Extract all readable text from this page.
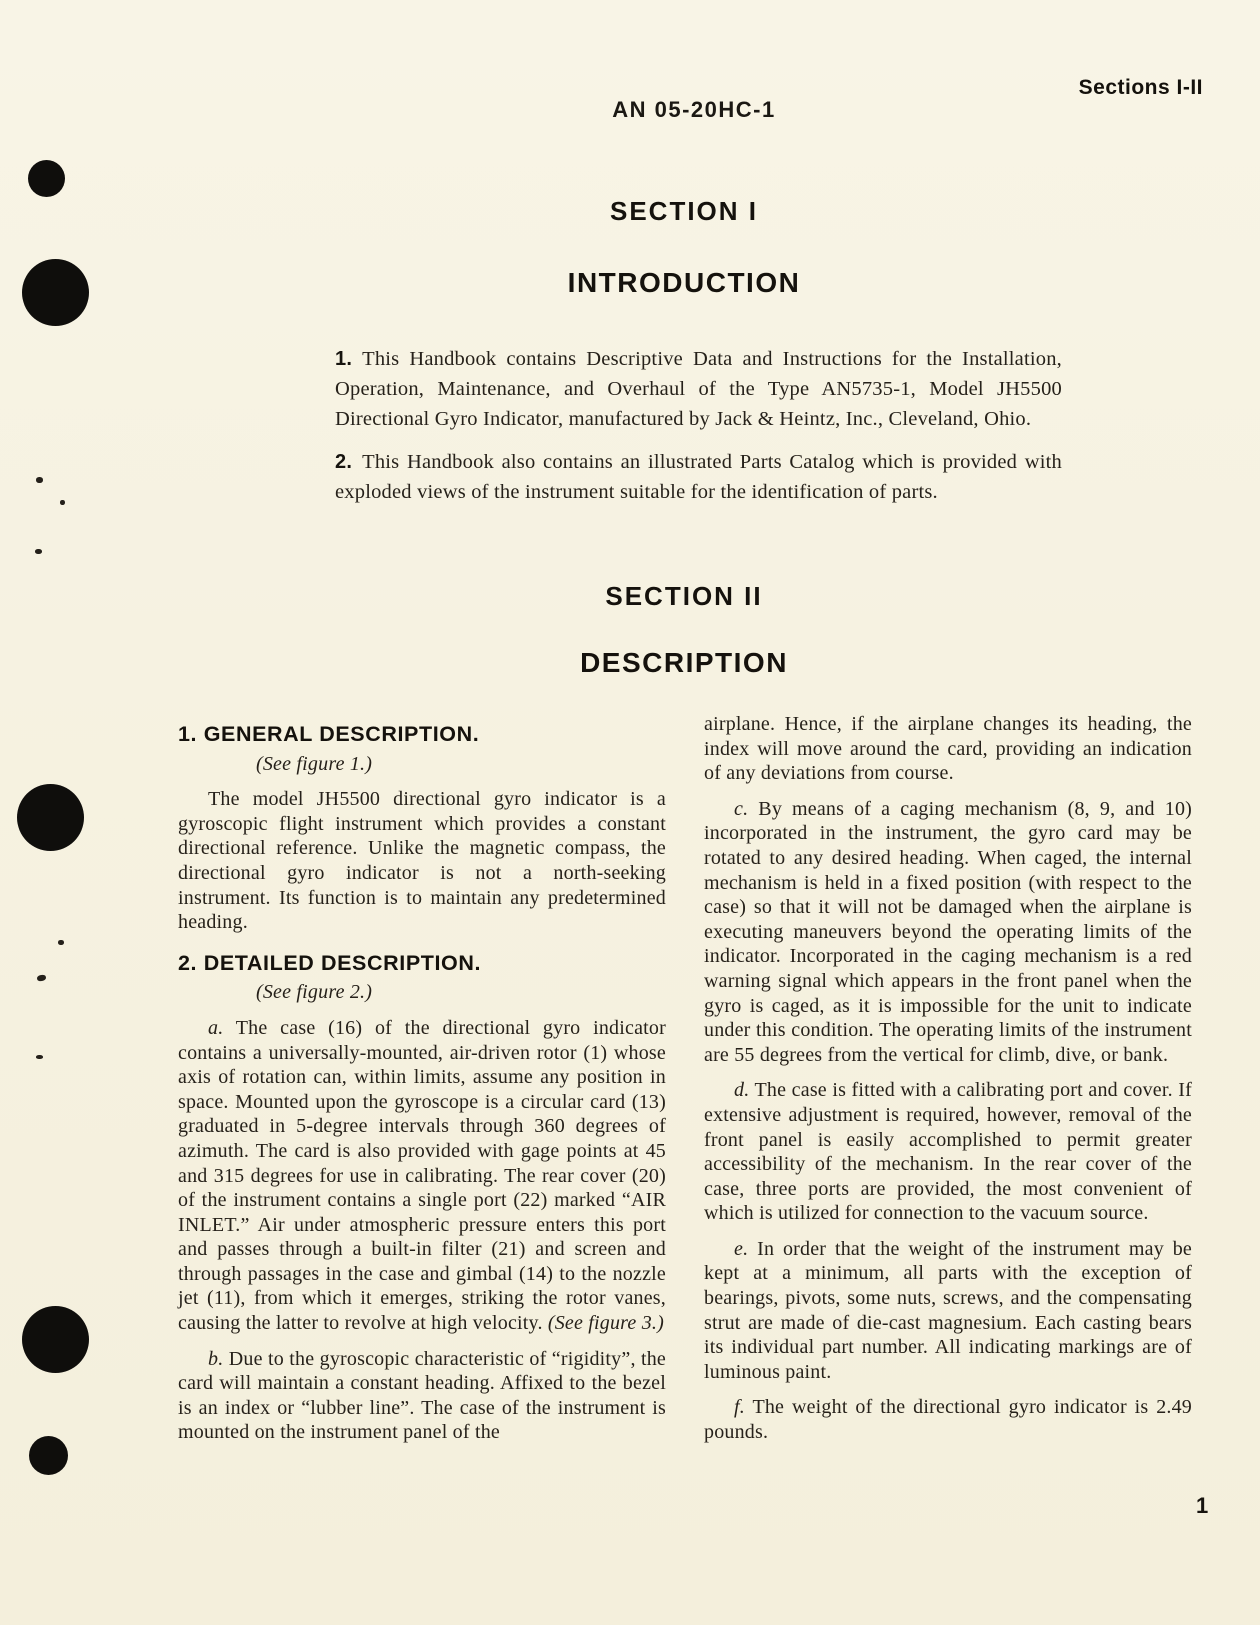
AN 05-20HC-1
Sections I-II
SECTION I
INTRODUCTION

1. This Handbook contains Descriptive Data and Instructions for the Installation, Operation, Maintenance, and Overhaul of the Type AN5735-1, Model JH5500 Directional Gyro Indicator, manufactured by Jack & Heintz, Inc., Cleveland, Ohio.

2. This Handbook also contains an illustrated Parts Catalog which is provided with exploded views of the instrument suitable for the identification of parts.

SECTION II
DESCRIPTION
1. GENERAL DESCRIPTION.
(See figure 1.)

The model JH5500 directional gyro indicator is a gyroscopic flight instrument which provides a constant directional reference. Unlike the magnetic compass, the directional gyro indicator is not a north-seeking instrument. Its function is to maintain any predetermined heading.

2. DETAILED DESCRIPTION.
(See figure 2.)

a. The case (16) of the directional gyro indicator contains a universally-mounted, air-driven rotor (1) whose axis of rotation can, within limits, assume any position in space. Mounted upon the gyroscope is a circular card (13) graduated in 5-degree intervals through 360 degrees of azimuth. The card is also provided with gage points at 45 and 315 degrees for use in calibrating. The rear cover (20) of the instrument contains a single port (22) marked “AIR INLET.” Air under atmospheric pressure enters this port and passes through a built-in filter (21) and screen and through passages in the case and gimbal (14) to the nozzle jet (11), from which it emerges, striking the rotor vanes, causing the latter to revolve at high velocity. (See figure 3.)

b. Due to the gyroscopic characteristic of “rigidity”, the card will maintain a constant heading. Affixed to the bezel is an index or “lubber line”. The case of the instrument is mounted on the instrument panel of the

airplane. Hence, if the airplane changes its heading, the index will move around the card, providing an indication of any deviations from course.

c. By means of a caging mechanism (8, 9, and 10) incorporated in the instrument, the gyro card may be rotated to any desired heading. When caged, the internal mechanism is held in a fixed position (with respect to the case) so that it will not be damaged when the airplane is executing maneuvers beyond the operating limits of the indicator. Incorporated in the caging mechanism is a red warning signal which appears in the front panel when the gyro is caged, as it is impossible for the unit to indicate under this condition. The operating limits of the instrument are 55 degrees from the vertical for climb, dive, or bank.

d. The case is fitted with a calibrating port and cover. If extensive adjustment is required, however, removal of the front panel is easily accomplished to permit greater accessibility of the mechanism. In the rear cover of the case, three ports are provided, the most convenient of which is utilized for connection to the vacuum source.

e. In order that the weight of the instrument may be kept at a minimum, all parts with the exception of bearings, pivots, some nuts, screws, and the compensating strut are made of die-cast magnesium. Each casting bears its individual part number. All indicating markings are of luminous paint.

f. The weight of the directional gyro indicator is 2.49 pounds.

1
